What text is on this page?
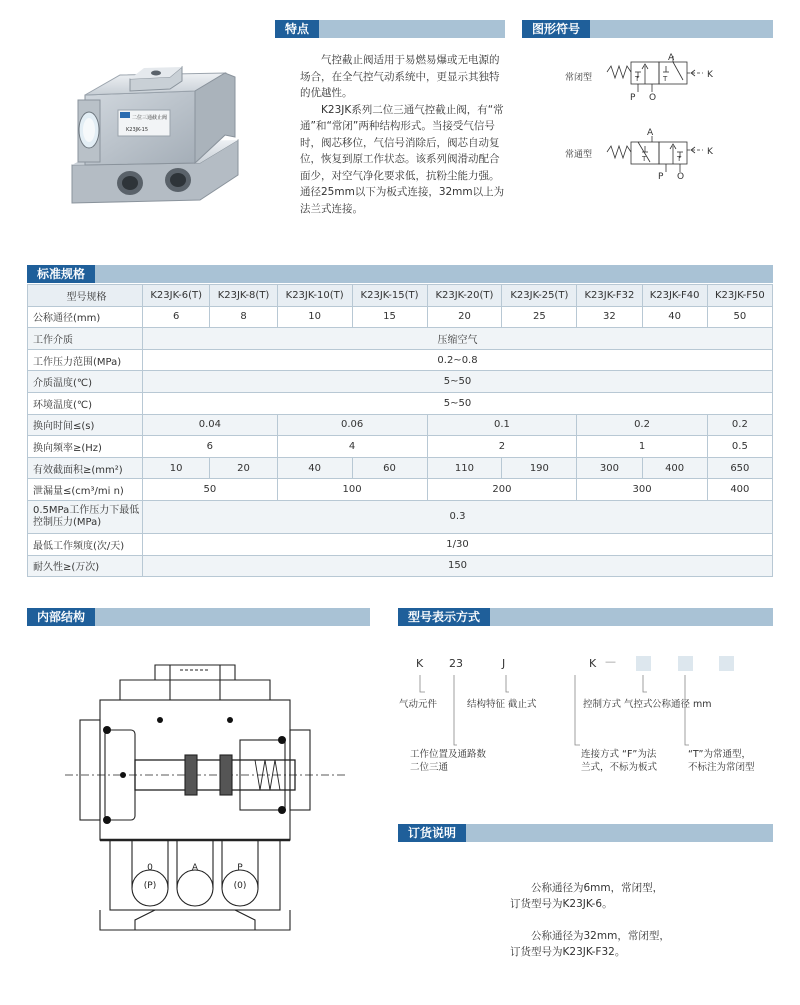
二位三通截止阀
K23JK-15
特点

气控截止阀适用于易燃易爆或无电源的场合，在全气控气动系统中，更显示其独特的优越性。

K23JK系列二位三通气控截止阀，有“常通”和“常闭”两种结构形式。当接受气信号时，阀芯移位，气信号消除后，阀芯自动复位，恢复到原工作状态。该系列阀滑动配合面少，对空气净化要求低，抗粉尘能力强。通径25mm以下为板式连接，32mm以上为法兰式连接。

图形符号
常闭型
常通型
A
P O
K
T	T
A
P O
K
T	T
标准规格
型号规格	K23JK-6(T)	K23JK-8(T)	K23JK-10(T)	K23JK-15(T)	K23JK-20(T)	K23JK-25(T)	K23JK-F32	K23JK-F40	K23JK-F50
公称通径(mm)	6	8	10	15	20	25	32	40	50
工作介质	压缩空气								
工作压力范围(MPa)	0.2~0.8								
介质温度(℃)	5~50								
环境温度(℃)	5~50								
换向时间≤(s)	0.04		0.06		0.1		0.2		0.2
换向频率≥(Hz)	6		4		2		1		0.5
有效截面积≥(mm²)	10	20	40	60	110	190	300	400	650
泄漏量≤(cm³/mi n)	50		100		200		300		400
0.5MPa工作压力下最低控制压力(MPa)	0.3								
最低工作频度(次/天)	1/30								
耐久性≥(万次)	150								
内部结构
0	A	P
(P)	(0)
型号表示方式
K 23	J	K —
气动元件	结构特征 截止式	控制方式 气控式 公称通径 mm
工作位置及通路数
二位三通
连接方式 “F”为法
兰式，不标为板式
“T”为常通型，
不标注为常闭型
订货说明

公称通径为6mm，常闭型，

订货型号为K23JK-6。

公称通径为32mm，常闭型，

订货型号为K23JK-F32。
